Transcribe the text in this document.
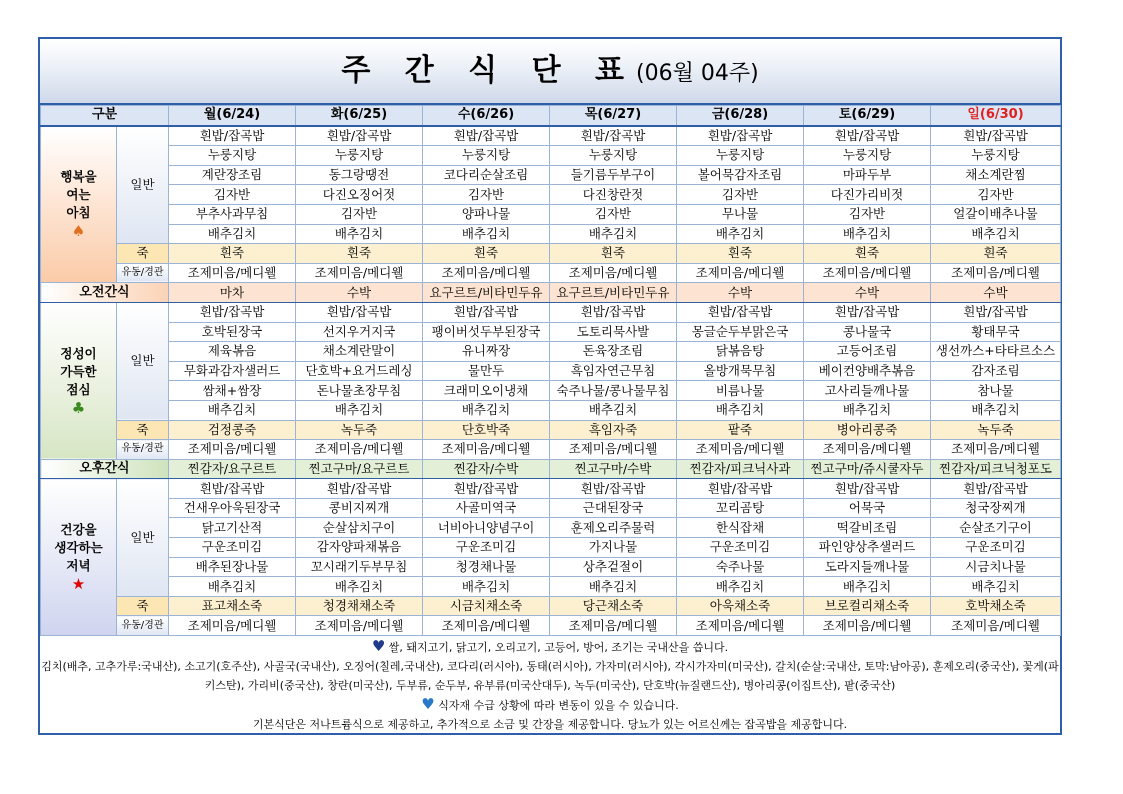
주 간 식 단 표(06월 04주)
구분		월(6/24)	화(6/25)	수(6/26)	목(6/27)	금(6/28)	토(6/29)	일(6/30)

행복을
여는
아침
♠	일반	흰밥/잡곡밥	흰밥/잡곡밥	흰밥/잡곡밥	흰밥/잡곡밥	흰밥/잡곡밥	흰밥/잡곡밥	흰밥/잡곡밥
		누룽지탕	누룽지탕	누룽지탕	누룽지탕	누룽지탕	누룽지탕	누룽지탕
		계란장조림	동그랑땡전	코다리순살조림	들기름두부구이	볼어묵감자조림	마파두부	채소계란찜
		김자반	다진오징어젓	김자반	다진창란젓	김자반	다진가리비젓	김자반
		부추사과무침	김자반	양파나물	김자반	무나물	김자반	얼갈이배추나물
		배추김치	배추김치	배추김치	배추김치	배추김치	배추김치	배추김치
	죽	흰죽	흰죽	흰죽	흰죽	흰죽	흰죽	흰죽
	유동/경관	조제미음/메디웰	조제미음/메디웰	조제미음/메디웰	조제미음/메디웰	조제미음/메디웰	조제미음/메디웰	조제미음/메디웰
오전간식		마차	수박	요구르트/비타민두유	요구르트/비타민두유	수박	수박	수박

정성이
가득한
점심
♣	일반	흰밥/잡곡밥	흰밥/잡곡밥	흰밥/잡곡밥	흰밥/잡곡밥	흰밥/잡곡밥	흰밥/잡곡밥	흰밥/잡곡밥
		호박된장국	선지우거지국	팽이버섯두부된장국	도토리묵사발	몽글순두부맑은국	콩나물국	황태무국
		제육볶음	채소계란말이	유니짜장	돈육장조림	닭볶음탕	고등어조림	생선까스+타타르소스
		무화과감자샐러드	단호박+요거드레싱	물만두	흑임자연근무침	올방개묵무침	베이컨양배추볶음	감자조림
		쌈채+쌈장	돈나물초장무침	크래미오이냉채	숙주나물/콩나물무침	비름나물	고사리들깨나물	참나물
		배추김치	배추김치	배추김치	배추김치	배추김치	배추김치	배추김치
	죽	검정콩죽	녹두죽	단호박죽	흑임자죽	팥죽	병아리콩죽	녹두죽
	유동/경관	조제미음/메디웰	조제미음/메디웰	조제미음/메디웰	조제미음/메디웰	조제미음/메디웰	조제미음/메디웰	조제미음/메디웰
오후간식		찐감자/요구르트	찐고구마/요구르트	찐감자/수박	찐고구마/수박	찐감자/피크닉사과	찐고구마/쥬시쿨자두	찐감자/피크닉청포도

건강을
생각하는
저녁
★	일반	흰밥/잡곡밥	흰밥/잡곡밥	흰밥/잡곡밥	흰밥/잡곡밥	흰밥/잡곡밥	흰밥/잡곡밥	흰밥/잡곡밥
		건새우아욱된장국	콩비지찌개	사골미역국	근대된장국	꼬리곰탕	어묵국	청국장찌개
		닭고기산적	순살삼치구이	너비아니양념구이	훈제오리주물럭	한식잡채	떡갈비조림	순살조기구이
		구운조미김	감자양파채볶음	구운조미김	가지나물	구운조미김	파인양상추샐러드	구운조미김
		배추된장나물	꼬시래기두부무침	청경채나물	상추겉절이	숙주나물	도라지들깨나물	시금치나물
		배추김치	배추김치	배추김치	배추김치	배추김치	배추김치	배추김치
	죽	표고채소죽	청경채채소죽	시금치채소죽	당근채소죽	아욱채소죽	브로컬리채소죽	호박채소죽
	유동/경관	조제미음/메디웰	조제미음/메디웰	조제미음/메디웰	조제미음/메디웰	조제미음/메디웰	조제미음/메디웰	조제미음/메디웰
♥ 쌀, 돼지고기, 닭고기, 오리고기, 고등어, 방어, 조기는 국내산을 씁니다.
김치(배추, 고추가루:국내산), 소고기(호주산), 사골국(국내산), 오징어(칠레,국내산), 코다리(러시아), 동태(러시아), 가자미(러시아), 각시가자미(미국산), 갈치(순살:국내산, 토막:남아공), 훈제오리(중국산), 꽃게(파키스탄), 가리비(중국산), 창란(미국산), 두부류, 순두부, 유부류(미국산대두), 녹두(미국산), 단호박(뉴질랜드산), 병아리콩(이집트산), 팥(중국산)
♥ 식자재 수급 상황에 따라 변동이 있을 수 있습니다.
기본식단은 저나트륨식으로 제공하고, 추가적으로 소금 및 간장을 제공합니다. 당뇨가 있는 어르신께는 잡곡밥을 제공합니다.
